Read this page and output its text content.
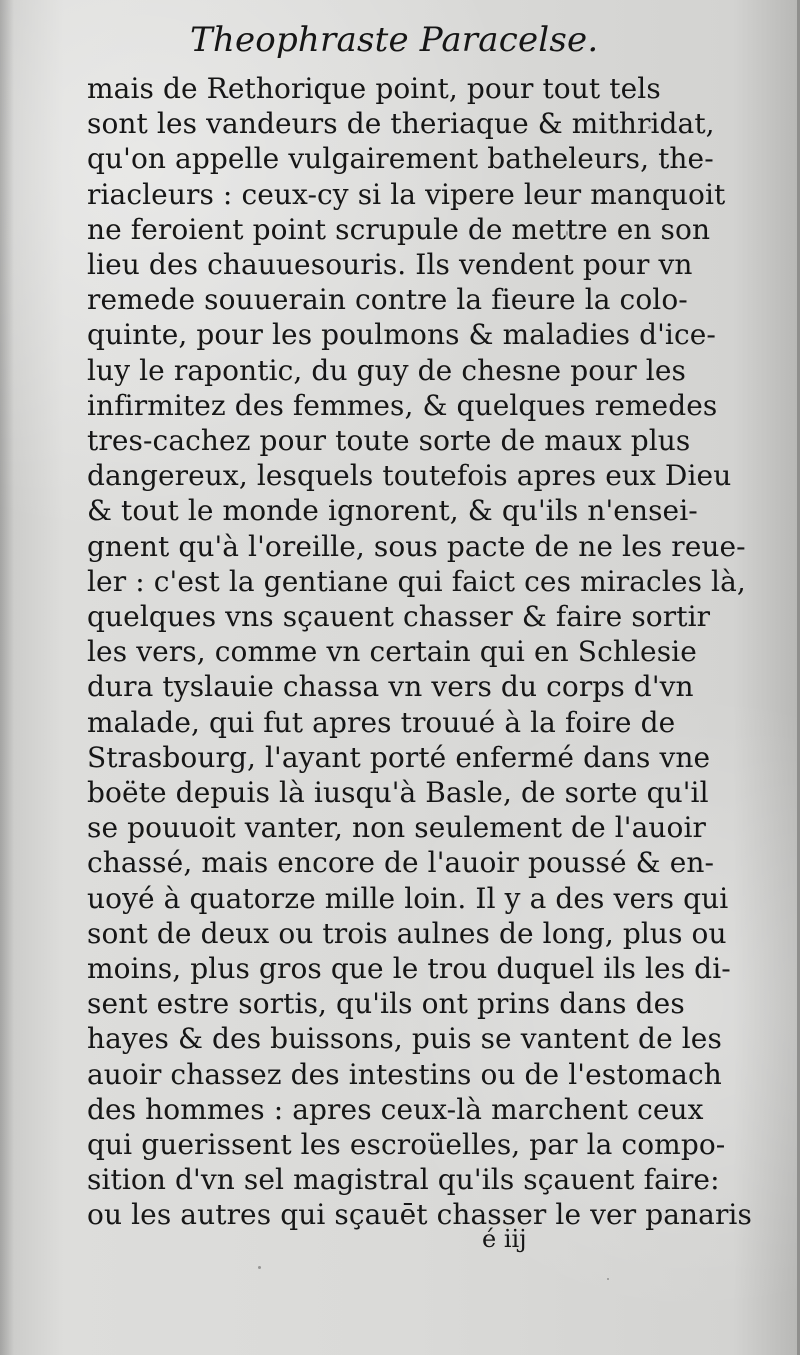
Theophraste Paracelse.
mais de Rethorique point, pour tout tels
sont les vandeurs de theriaque & mithridat,
qu'on appelle vulgairement batheleurs, the-
riacleurs : ceux-cy si la vipere leur manquoit
ne feroient point scrupule de mettre en son
lieu des chauuesouris. Ils vendent pour vn
remede souuerain contre la fieure la colo-
quinte, pour les poulmons & maladies d'ice-
luy le rapontic, du guy de chesne pour les
infirmitez des femmes, & quelques remedes
tres-cachez pour toute sorte de maux plus
dangereux, lesquels toutefois apres eux Dieu
& tout le monde ignorent, & qu'ils n'ensei-
gnent qu'à l'oreille, sous pacte de ne les reue-
ler : c'est la gentiane qui faict ces miracles là,
quelques vns sçauent chasser & faire sortir
les vers, comme vn certain qui en Schlesie
dura tyslauie chassa vn vers du corps d'vn
malade, qui fut apres trouué à la foire de
Strasbourg, l'ayant porté enfermé dans vne
boëte depuis là iusqu'à Basle, de sorte qu'il
se pouuoit vanter, non seulement de l'auoir
chassé, mais encore de l'auoir poussé & en-
uoyé à quatorze mille loin. Il y a des vers qui
sont de deux ou trois aulnes de long, plus ou
moins, plus gros que le trou duquel ils les di-
sent estre sortis, qu'ils ont prins dans des
hayes & des buissons, puis se vantent de les
auoir chassez des intestins ou de l'estomach
des hommes : apres ceux-là marchent ceux
qui guerissent les escroüelles, par la compo-
sition d'vn sel magistral qu'ils sçauent faire:
ou les autres qui sçauēt chasser le ver panaris
é iij
